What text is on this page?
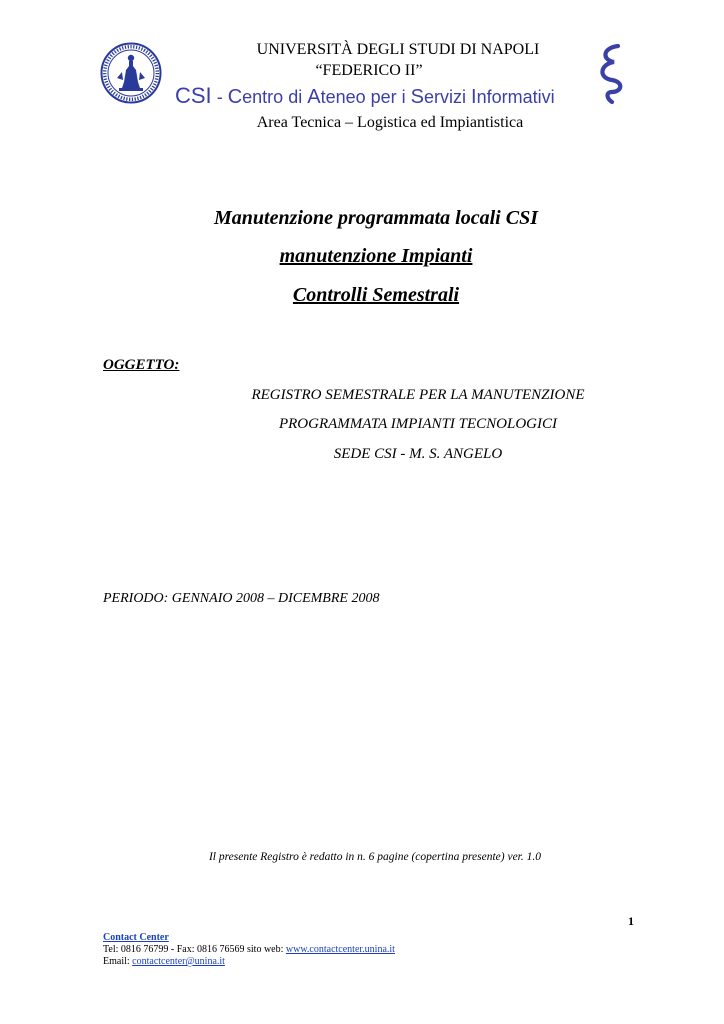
UNIVERSITÀ DEGLI STUDI DI NAPOLI
“FEDERICO II”
CSI - Centro di Ateneo per i Servizi Informativi
Area Tecnica – Logistica ed Impiantistica
Manutenzione programmata locali CSI
manutenzione Impianti
Controlli Semestrali
OGGETTO:
REGISTRO SEMESTRALE PER LA MANUTENZIONE
PROGRAMMATA IMPIANTI TECNOLOGICI
SEDE CSI - M. S. ANGELO
PERIODO: GENNAIO 2008 – DICEMBRE 2008
Il presente Registro è redatto in n. 6 pagine (copertina presente) ver. 1.0
1
Contact Center
Tel: 0816 76799 - Fax: 0816 76569 sito web: www.contactcenter.unina.it
Email: contactcenter@unina.it
